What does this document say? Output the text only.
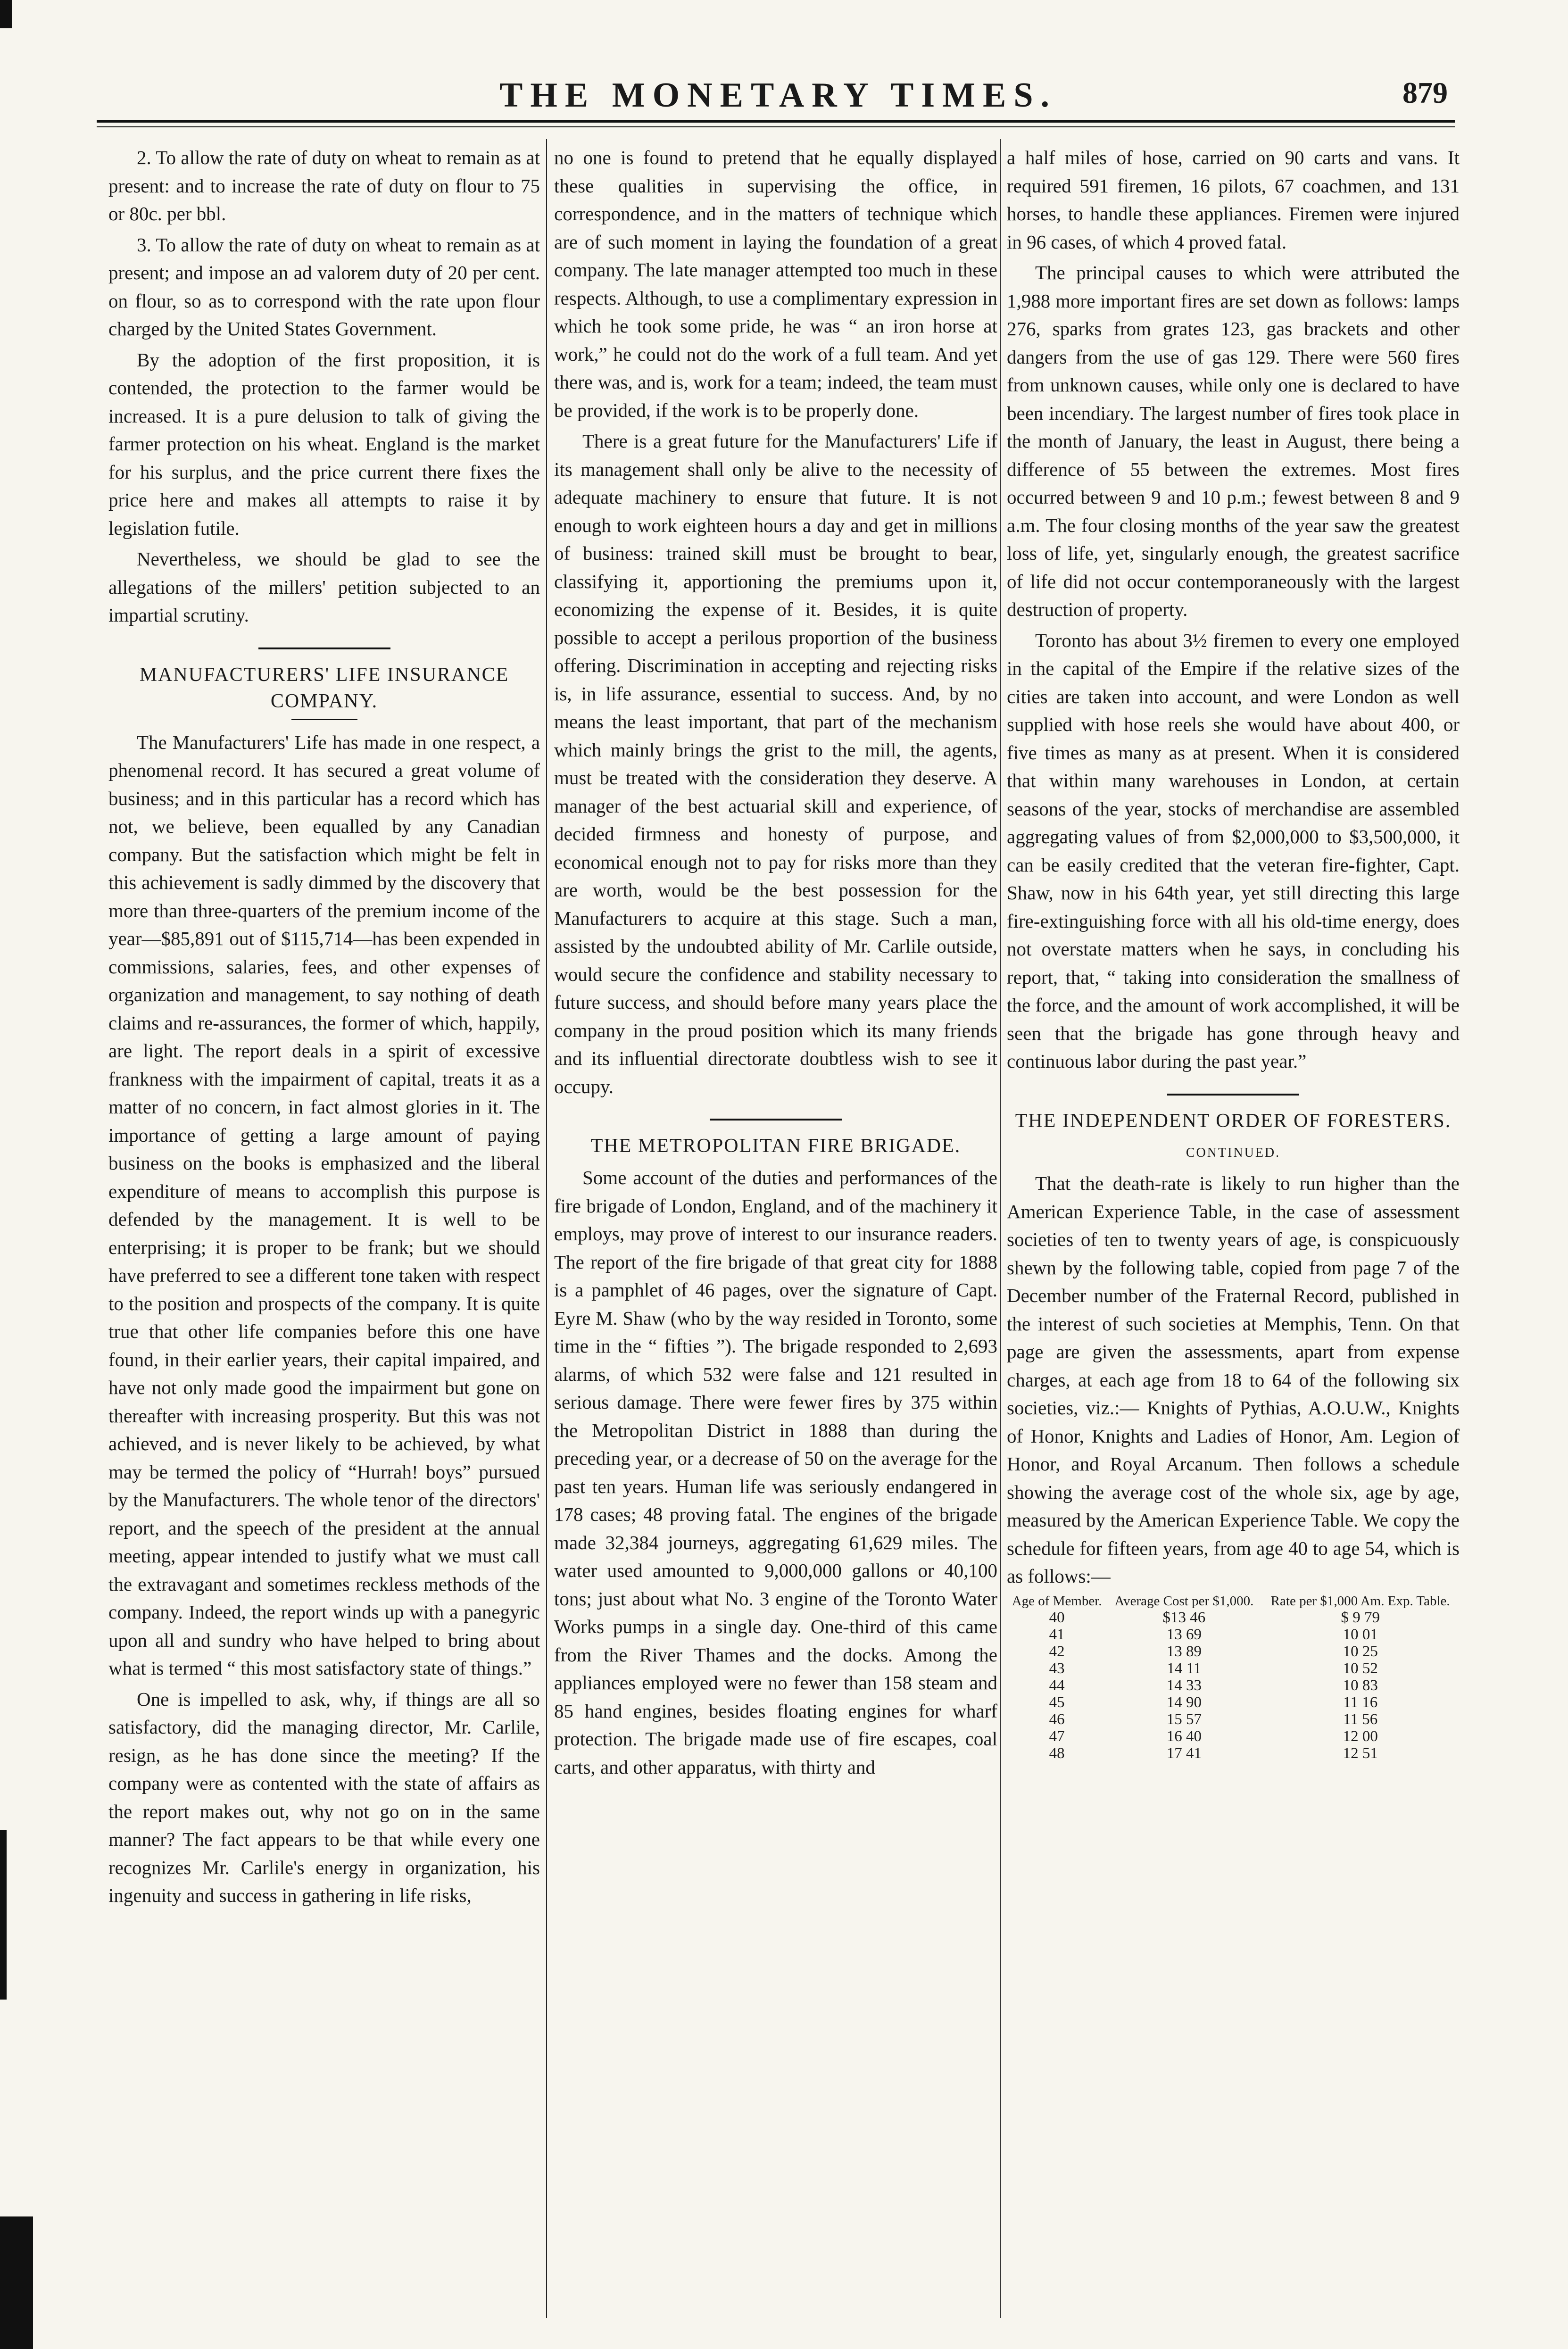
THE MONETARY TIMES.	879

2. To allow the rate of duty on wheat to remain as at present: and to increase the rate of duty on flour to 75 or 80c. per bbl.

3. To allow the rate of duty on wheat to remain as at present; and impose an ad valorem duty of 20 per cent. on flour, so as to correspond with the rate upon flour charged by the United States Government.

By the adoption of the first proposition, it is contended, the protection to the farmer would be increased. It is a pure delusion to talk of giving the farmer protection on his wheat. England is the market for his surplus, and the price current there fixes the price here and makes all attempts to raise it by legislation futile.

Nevertheless, we should be glad to see the allegations of the millers' petition subjected to an impartial scrutiny.

MANUFACTURERS' LIFE INSURANCE COMPANY.

The Manufacturers' Life has made in one respect, a phenomenal record. It has secured a great volume of business; and in this particular has a record which has not, we believe, been equalled by any Canadian company. But the satisfaction which might be felt in this achievement is sadly dimmed by the discovery that more than three-quarters of the premium income of the year—$85,891 out of $115,714—has been expended in commissions, salaries, fees, and other expenses of organization and management, to say nothing of death claims and re-assurances, the former of which, happily, are light. The report deals in a spirit of excessive frankness with the impairment of capital, treats it as a matter of no concern, in fact almost glories in it. The importance of getting a large amount of paying business on the books is emphasized and the liberal expenditure of means to accomplish this purpose is defended by the management. It is well to be enterprising; it is proper to be frank; but we should have preferred to see a different tone taken with respect to the position and prospects of the company. It is quite true that other life companies before this one have found, in their earlier years, their capital impaired, and have not only made good the impairment but gone on thereafter with increasing prosperity. But this was not achieved, and is never likely to be achieved, by what may be termed the policy of “Hurrah! boys” pursued by the Manufacturers. The whole tenor of the directors' report, and the speech of the president at the annual meeting, appear intended to justify what we must call the extravagant and sometimes reckless methods of the company. Indeed, the report winds up with a panegyric upon all and sundry who have helped to bring about what is termed “ this most satisfactory state of things.”

One is impelled to ask, why, if things are all so satisfactory, did the managing director, Mr. Carlile, resign, as he has done since the meeting? If the company were as contented with the state of affairs as the report makes out, why not go on in the same manner? The fact appears to be that while every one recognizes Mr. Carlile's energy in organization, his ingenuity and success in gathering in life risks,

no one is found to pretend that he equally displayed these qualities in supervising the office, in correspondence, and in the matters of technique which are of such moment in laying the foundation of a great company. The late manager attempted too much in these respects. Although, to use a complimentary expression in which he took some pride, he was “ an iron horse at work,” he could not do the work of a full team. And yet there was, and is, work for a team; indeed, the team must be provided, if the work is to be properly done.

There is a great future for the Manufacturers' Life if its management shall only be alive to the necessity of adequate machinery to ensure that future. It is not enough to work eighteen hours a day and get in millions of business: trained skill must be brought to bear, classifying it, apportioning the premiums upon it, economizing the expense of it. Besides, it is quite possible to accept a perilous proportion of the business offering. Discrimination in accepting and rejecting risks is, in life assurance, essential to success. And, by no means the least important, that part of the mechanism which mainly brings the grist to the mill, the agents, must be treated with the consideration they deserve. A manager of the best actuarial skill and experience, of decided firmness and honesty of purpose, and economical enough not to pay for risks more than they are worth, would be the best possession for the Manufacturers to acquire at this stage. Such a man, assisted by the undoubted ability of Mr. Carlile outside, would secure the confidence and stability necessary to future success, and should before many years place the company in the proud position which its many friends and its influential directorate doubtless wish to see it occupy.

THE METROPOLITAN FIRE BRIGADE.

Some account of the duties and performances of the fire brigade of London, England, and of the machinery it employs, may prove of interest to our insurance readers. The report of the fire brigade of that great city for 1888 is a pamphlet of 46 pages, over the signature of Capt. Eyre M. Shaw (who by the way resided in Toronto, some time in the “ fifties ”). The brigade responded to 2,693 alarms, of which 532 were false and 121 resulted in serious damage. There were fewer fires by 375 within the Metropolitan District in 1888 than during the preceding year, or a decrease of 50 on the average for the past ten years. Human life was seriously endangered in 178 cases; 48 proving fatal. The engines of the brigade made 32,384 journeys, aggregating 61,629 miles. The water used amounted to 9,000,000 gallons or 40,100 tons; just about what No. 3 engine of the Toronto Water Works pumps in a single day. One-third of this came from the River Thames and the docks. Among the appliances employed were no fewer than 158 steam and 85 hand engines, besides floating engines for wharf protection. The brigade made use of fire escapes, coal carts, and other apparatus, with thirty and

a half miles of hose, carried on 90 carts and vans. It required 591 firemen, 16 pilots, 67 coachmen, and 131 horses, to handle these appliances. Firemen were injured in 96 cases, of which 4 proved fatal.

The principal causes to which were attributed the 1,988 more important fires are set down as follows: lamps 276, sparks from grates 123, gas brackets and other dangers from the use of gas 129. There were 560 fires from unknown causes, while only one is declared to have been incendiary. The largest number of fires took place in the month of January, the least in August, there being a difference of 55 between the extremes. Most fires occurred between 9 and 10 p.m.; fewest between 8 and 9 a.m. The four closing months of the year saw the greatest loss of life, yet, singularly enough, the greatest sacrifice of life did not occur contemporaneously with the largest destruction of property.

Toronto has about 3½ firemen to every one employed in the capital of the Empire if the relative sizes of the cities are taken into account, and were London as well supplied with hose reels she would have about 400, or five times as many as at present. When it is considered that within many warehouses in London, at certain seasons of the year, stocks of merchandise are assembled aggregating values of from $2,000,000 to $3,500,000, it can be easily credited that the veteran fire-fighter, Capt. Shaw, now in his 64th year, yet still directing this large fire-extinguishing force with all his old-time energy, does not overstate matters when he says, in concluding his report, that, “ taking into consideration the smallness of the force, and the amount of work accomplished, it will be seen that the brigade has gone through heavy and continuous labor during the past year.”

THE INDEPENDENT ORDER OF FORESTERS.
CONTINUED.

That the death-rate is likely to run higher than the American Experience Table, in the case of assessment societies of ten to twenty years of age, is conspicuously shewn by the following table, copied from page 7 of the December number of the Fraternal Record, published in the interest of such societies at Memphis, Tenn. On that page are given the assessments, apart from expense charges, at each age from 18 to 64 of the following six societies, viz.:— Knights of Pythias, A.O.U.W., Knights of Honor, Knights and Ladies of Honor, Am. Legion of Honor, and Royal Arcanum. Then follows a schedule showing the average cost of the whole six, age by age, measured by the American Experience Table. We copy the schedule for fifteen years, from age 40 to age 54, which is as follows:—

Age of Member.	Average Cost per $1,000.	Rate per $1,000 Am. Exp. Table.
40	$13 46	$ 9 79
41	13 69	10 01
42	13 89	10 25
43	14 11	10 52
44	14 33	10 83
45	14 90	11 16
46	15 57	11 56
47	16 40	12 00
48	17 41	12 51
